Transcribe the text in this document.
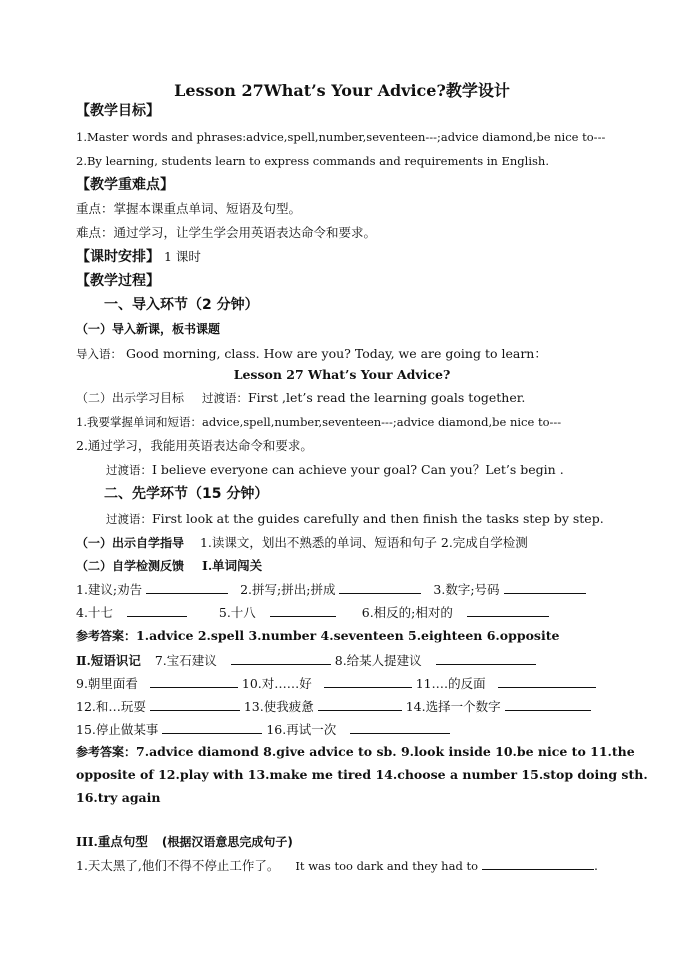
Lesson 27What’s Your Advice?教学设计
【教学目标】
1.Master words and phrases:advice,spell,number,seventeen---;advice diamond,be nice to---
2.By learning, students learn to express commands and requirements in English.
【教学重难点】
重点：掌握本课重点单词、短语及句型。
难点：通过学习，让学生学会用英语表达命令和要求。
【课时安排】 1 课时
【教学过程】
一、导入环节（2 分钟）
（一）导入新课，板书课题
导入语： Good morning, class. How are you? Today, we are going to learn：
Lesson 27 What’s Your Advice?
（二）出示学习目标 过渡语：First ,let’s read the learning goals together.
1.我要掌握单词和短语：advice,spell,number,seventeen---;advice diamond,be nice to---
2.通过学习，我能用英语表达命令和要求。
过渡语：I believe everyone can achieve your goal? Can you？Let’s begin .
二、先学环节（15 分钟）
过渡语：First look at the guides carefully and then finish the tasks step by step.
（一）出示自学指导 1.读课文，划出不熟悉的单词、短语和句子 2.完成自学检测
（二）自学检测反馈 Ⅰ.单词闯关
1.建议;劝告	2.拼写;拼出;拼成	3.数字;号码
4.十七	5.十八	6.相反的;相对的
参考答案：1.advice 2.spell 3.number 4.seventeen 5.eighteen 6.opposite
Ⅱ.短语识记 7.宝石建议	8.给某人提建议
9.朝里面看	10.对……好	11.…的反面
12.和…玩耍	13.使我疲惫	14.选择一个数字
15.停止做某事	16.再试一次
参考答案：7.advice diamond 8.give advice to sb. 9.look inside 10.be nice to 11.the
opposite of 12.play with 13.make me tired 14.choose a number 15.stop doing sth.
16.try again
III.重点句型 (根据汉语意思完成句子)
1.天太黑了,他们不得不停止工作了。 It was too dark and they had to	.
